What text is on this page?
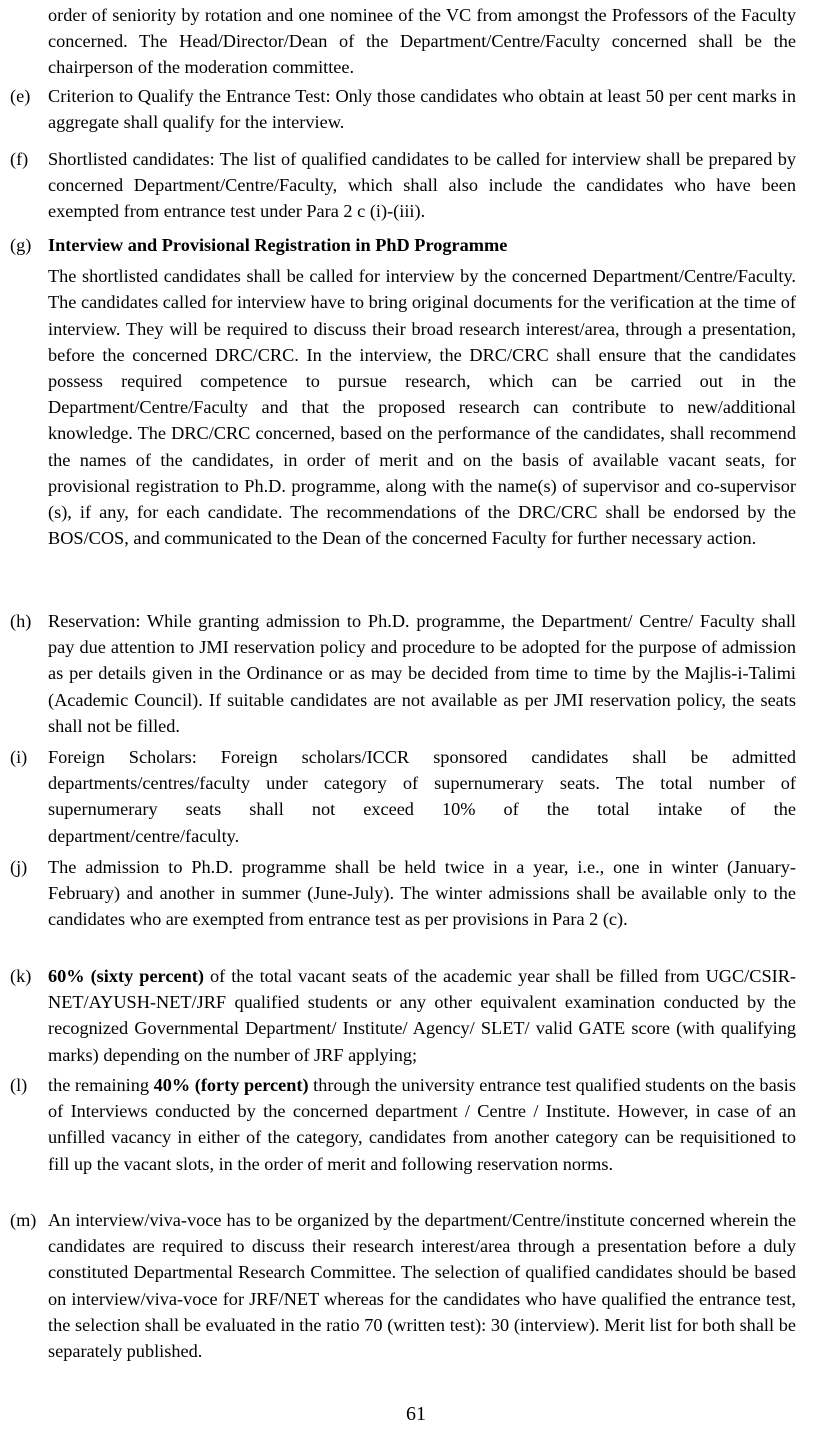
order of seniority by rotation and one nominee of the VC from amongst the Professors of the Faculty concerned. The Head/Director/Dean of the Department/Centre/Faculty concerned shall be the chairperson of the moderation committee.
(e) Criterion to Qualify the Entrance Test: Only those candidates who obtain at least 50 per cent marks in aggregate shall qualify for the interview.
(f)	Shortlisted candidates: The list of qualified candidates to be called for interview shall be prepared by concerned Department/Centre/Faculty, which shall also include the candidates who have been exempted from entrance test under Para 2 c (i)-(iii).
(g) Interview and Provisional Registration in PhD Programme
The shortlisted candidates shall be called for interview by the concerned Department/Centre/Faculty. The candidates called for interview have to bring original documents for the verification at the time of interview. They will be required to discuss their broad research interest/area, through a presentation, before the concerned DRC/CRC. In the interview, the DRC/CRC shall ensure that the candidates possess required competence to pursue research, which can be carried out in the Department/Centre/Faculty and that the proposed research can contribute to new/additional knowledge. The DRC/CRC concerned, based on the performance of the candidates, shall recommend the names of the candidates, in order of merit and on the basis of available vacant seats, for provisional registration to Ph.D. programme, along with the name(s) of supervisor and co-supervisor (s), if any, for each candidate. The recommendations of the DRC/CRC shall be endorsed by the BOS/COS, and communicated to the Dean of the concerned Faculty for further necessary action.
(h) Reservation: While granting admission to Ph.D. programme, the Department/ Centre/ Faculty shall pay due attention to JMI reservation policy and procedure to be adopted for the purpose of admission as per details given in the Ordinance or as may be decided from time to time by the Majlis-i-Talimi (Academic Council). If suitable candidates are not available as per JMI reservation policy, the seats shall not be filled.
(i)	Foreign Scholars: Foreign scholars/ICCR sponsored candidates shall be admitted departments/centres/faculty under category of supernumerary seats. The total number of supernumerary seats shall not exceed 10% of the total intake of the
department/centre/faculty.
(j)	The admission to Ph.D. programme shall be held twice in a year, i.e., one in winter (January-February) and another in summer (June-July). The winter admissions shall be available only to the candidates who are exempted from entrance test as per provisions in Para 2 (c).
(k) 60% (sixty percent) of the total vacant seats of the academic year shall be filled from UGC/CSIR-NET/AYUSH-NET/JRF qualified students or any other equivalent examination conducted by the recognized Governmental Department/ Institute/ Agency/ SLET/ valid GATE score (with qualifying marks) depending on the number of JRF applying;
(l)	the remaining 40% (forty percent) through the university entrance test qualified students on the basis of Interviews conducted by the concerned department / Centre / Institute. However, in case of an unfilled vacancy in either of the category, candidates from another category can be requisitioned to fill up the vacant slots, in the order of merit and following reservation norms.
(m) An interview/viva-voce has to be organized by the department/Centre/institute concerned wherein the candidates are required to discuss their research interest/area through a presentation before a duly constituted Departmental Research Committee. The selection of qualified candidates should be based on interview/viva-voce for JRF/NET whereas for the candidates who have qualified the entrance test, the selection shall be evaluated in the ratio 70 (written test): 30 (interview). Merit list for both shall be separately published.
61
